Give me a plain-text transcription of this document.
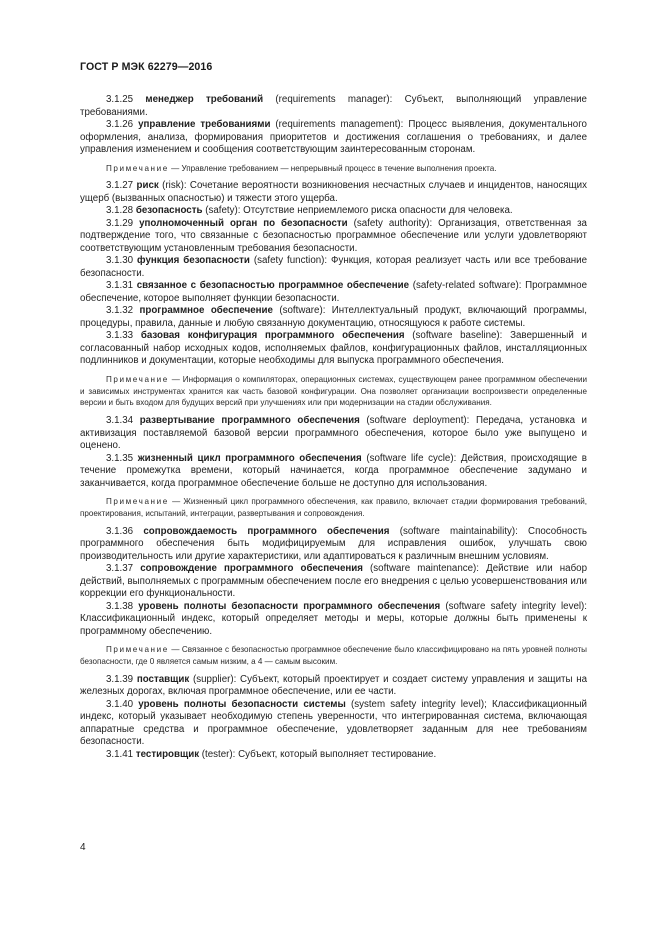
ГОСТ Р МЭК 62279—2016

3.1.25 менеджер требований (requirements manager): Субъект, выполняющий управление требованиями.

3.1.26 управление требованиями (requirements management): Процесс выявления, документального оформления, анализа, формирования приоритетов и достижения соглашения о требованиях, и далее управления изменением и сообщения соответствующим заинтересованным сторонам.

Примечание — Управление требованием — непрерывный процесс в течение выполнения проекта.

3.1.27 риск (risk): Сочетание вероятности возникновения несчастных случаев и инцидентов, наносящих ущерб (вызванных опасностью) и тяжести этого ущерба.

3.1.28 безопасность (safety): Отсутствие неприемлемого риска опасности для человека.

3.1.29 уполномоченный орган по безопасности (safety authority): Организация, ответственная за подтверждение того, что связанные с безопасностью программное обеспечение или услуги удовлетворяют соответствующим установленным требования безопасности.

3.1.30 функция безопасности (safety function): Функция, которая реализует часть или все требование безопасности.

3.1.31 связанное с безопасностью программное обеспечение (safety-related software): Программное обеспечение, которое выполняет функции безопасности.

3.1.32 программное обеспечение (software): Интеллектуальный продукт, включающий программы, процедуры, правила, данные и любую связанную документацию, относящуюся к работе системы.

3.1.33 базовая конфигурация программного обеспечения (software baseline): Завершенный и согласованный набор исходных кодов, исполняемых файлов, конфигурационных файлов, инсталляционных подлинников и документации, которые необходимы для выпуска программного обеспечения.

Примечание — Информация о компиляторах, операционных системах, существующем ранее программном обеспечении и зависимых инструментах хранится как часть базовой конфигурации. Она позволяет организации воспроизвести определенные версии и быть входом для будущих версий при улучшениях или при модернизации на стадии обслуживания.

3.1.34 развертывание программного обеспечения (software deployment): Передача, установка и активизация поставляемой базовой версии программного обеспечения, которое было уже выпущено и оценено.

3.1.35 жизненный цикл программного обеспечения (software life cycle): Действия, происходящие в течение промежутка времени, который начинается, когда программное обеспечение задумано и заканчивается, когда программное обеспечение больше не доступно для использования.

Примечание — Жизненный цикл программного обеспечения, как правило, включает стадии формирования требований, проектирования, испытаний, интеграции, развертывания и сопровождения.

3.1.36 сопровождаемость программного обеспечения (software maintainability): Способность программного обеспечения быть модифицируемым для исправления ошибок, улучшать свою производительность или другие характеристики, или адаптироваться к различным внешним условиям.

3.1.37 сопровождение программного обеспечения (software maintenance): Действие или набор действий, выполняемых с программным обеспечением после его внедрения с целью усовершенствования или коррекции его функциональности.

3.1.38 уровень полноты безопасности программного обеспечения (software safety integrity level): Классификационный индекс, который определяет методы и меры, которые должны быть применены к программному обеспечению.

Примечание — Связанное с безопасностью программное обеспечение было классифицировано на пять уровней полноты безопасности, где 0 является самым низким, а 4 — самым высоким.

3.1.39 поставщик (supplier): Субъект, который проектирует и создает систему управления и защиты на железных дорогах, включая программное обеспечение, или ее части.

3.1.40 уровень полноты безопасности системы (system safety integrity level); Классификационный индекс, который указывает необходимую степень уверенности, что интегрированная система, включающая аппаратные средства и программное обеспечение, удовлетворяет заданным для нее требованиям безопасности.

3.1.41 тестировщик (tester): Субъект, который выполняет тестирование.

4
